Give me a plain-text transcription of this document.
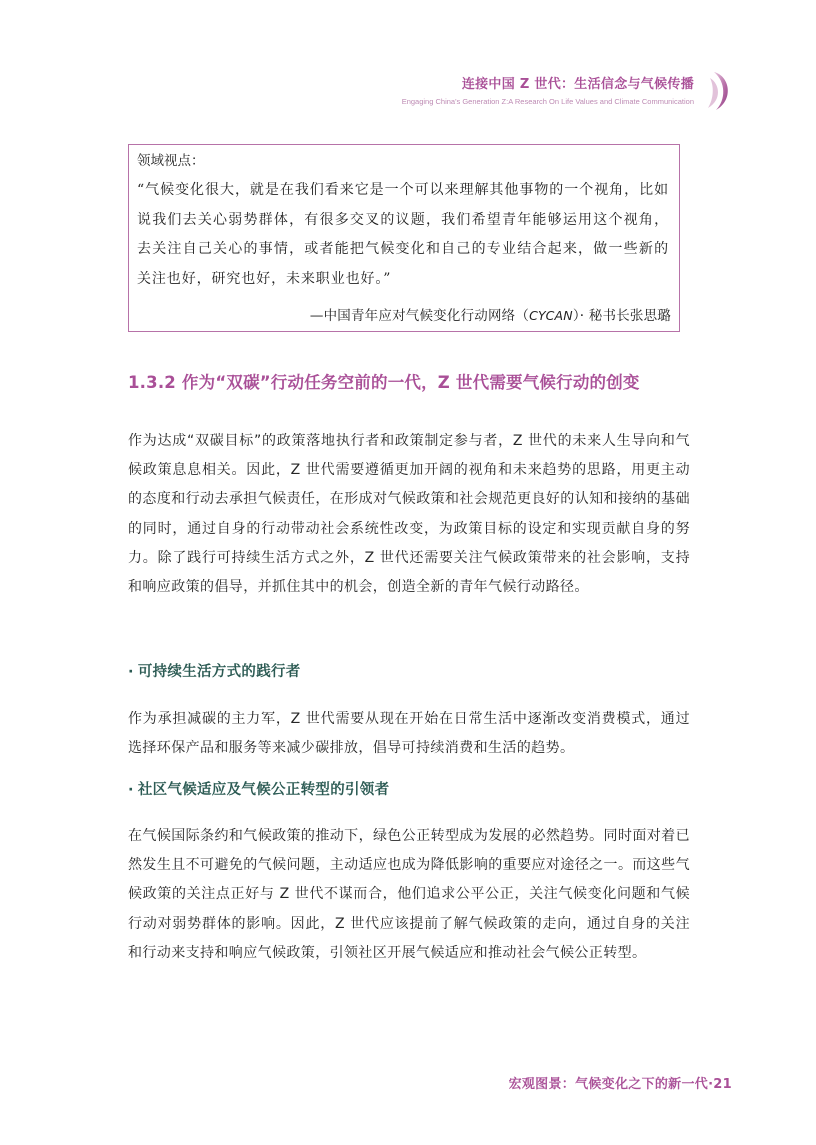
连接中国 Z 世代：生活信念与气候传播
Engaging China's Generation Z:A Research On Life Values and Climate Communication
领域视点：
“气候变化很大，就是在我们看来它是一个可以来理解其他事物的一个视角，比如说我们去关心弱势群体，有很多交叉的议题，我们希望青年能够运用这个视角，去关注自己关心的事情，或者能把气候变化和自己的专业结合起来，做一些新的关注也好，研究也好，未来职业也好。”
—中国青年应对气候变化行动网络（CYCAN）· 秘书长张思璐
1.3.2 作为“双碳”行动任务空前的一代，Z 世代需要气候行动的创变
作为达成“双碳目标”的政策落地执行者和政策制定参与者，Z 世代的未来人生导向和气候政策息息相关。因此，Z 世代需要遵循更加开阔的视角和未来趋势的思路，用更主动的态度和行动去承担气候责任，在形成对气候政策和社会规范更良好的认知和接纳的基础的同时，通过自身的行动带动社会系统性改变，为政策目标的设定和实现贡献自身的努力。除了践行可持续生活方式之外，Z 世代还需要关注气候政策带来的社会影响，支持和响应政策的倡导，并抓住其中的机会，创造全新的青年气候行动路径。
· 可持续生活方式的践行者
作为承担减碳的主力军，Z 世代需要从现在开始在日常生活中逐渐改变消费模式，通过选择环保产品和服务等来减少碳排放，倡导可持续消费和生活的趋势。
· 社区气候适应及气候公正转型的引领者
在气候国际条约和气候政策的推动下，绿色公正转型成为发展的必然趋势。同时面对着已然发生且不可避免的气候问题，主动适应也成为降低影响的重要应对途径之一。而这些气候政策的关注点正好与 Z 世代不谋而合，他们追求公平公正，关注气候变化问题和气候行动对弱势群体的影响。因此，Z 世代应该提前了解气候政策的走向，通过自身的关注和行动来支持和响应气候政策，引领社区开展气候适应和推动社会气候公正转型。
宏观图景：气候变化之下的新一代·21
